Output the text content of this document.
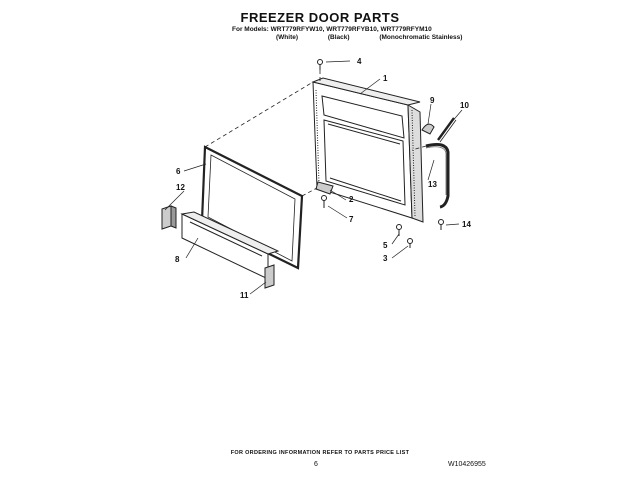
FREEZER DOOR PARTS
For Models: WRT779RFYW10, WRT779RFYB10, WRT779RFYM10
(White)	(Black)	(Monochromatic Stainless)
1
2
3
4
5
6
7
8
9
10
11
12	13
14
FOR ORDERING INFORMATION REFER TO PARTS PRICE LIST
6	W10426955
